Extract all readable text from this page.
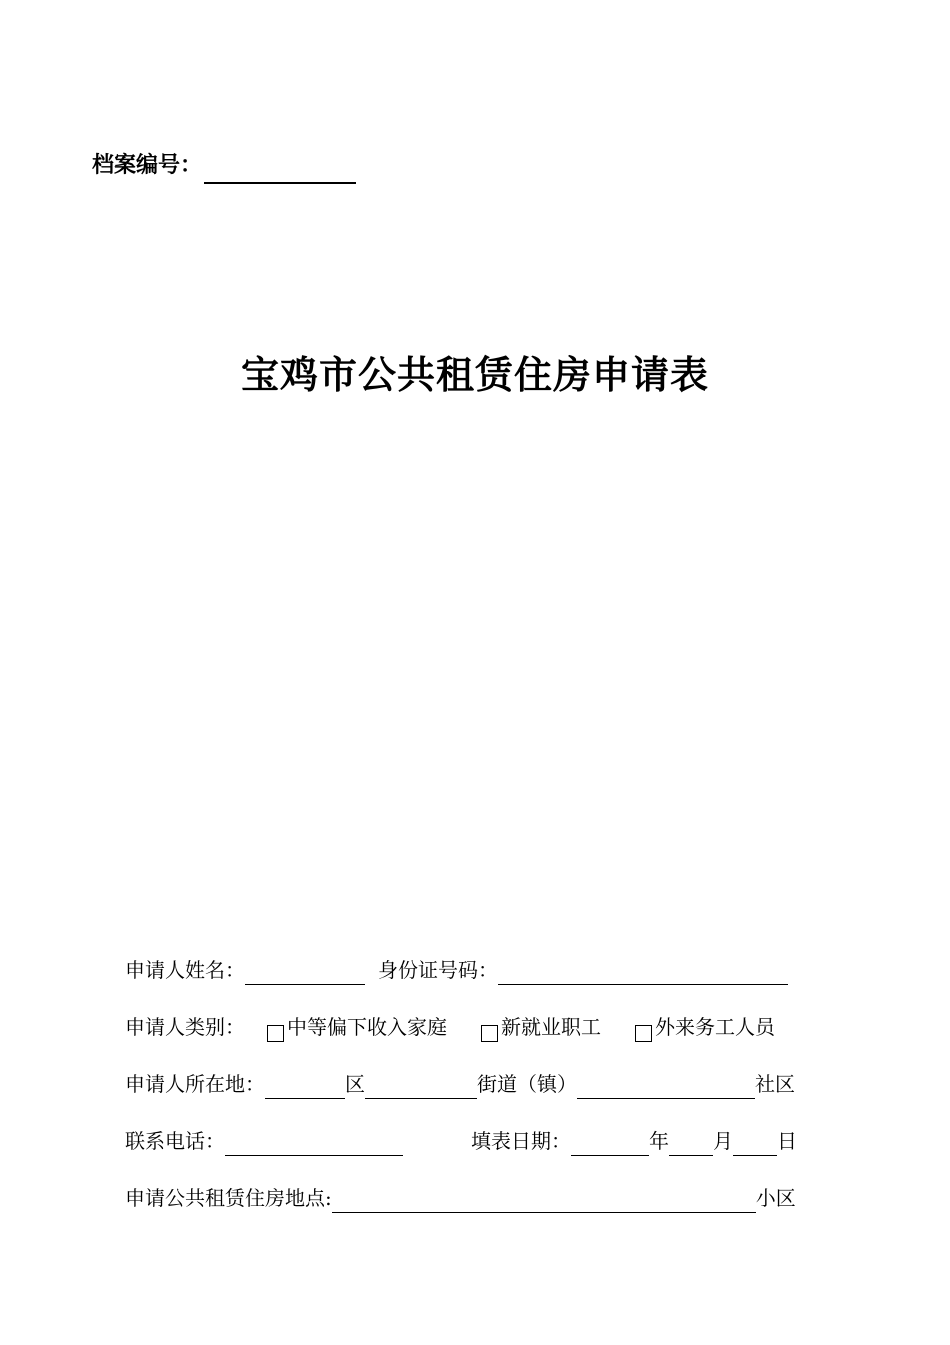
档案编号：
宝鸡市公共租赁住房申请表
申请人姓名：	身份证号码：
申请人类别： 中等偏下收入家庭	新就业职工	外来务工人员
申请人所在地：	区	街道（镇）	社区
联系电话：	填表日期：	年 月 日
申请公共租赁住房地点:	小区
